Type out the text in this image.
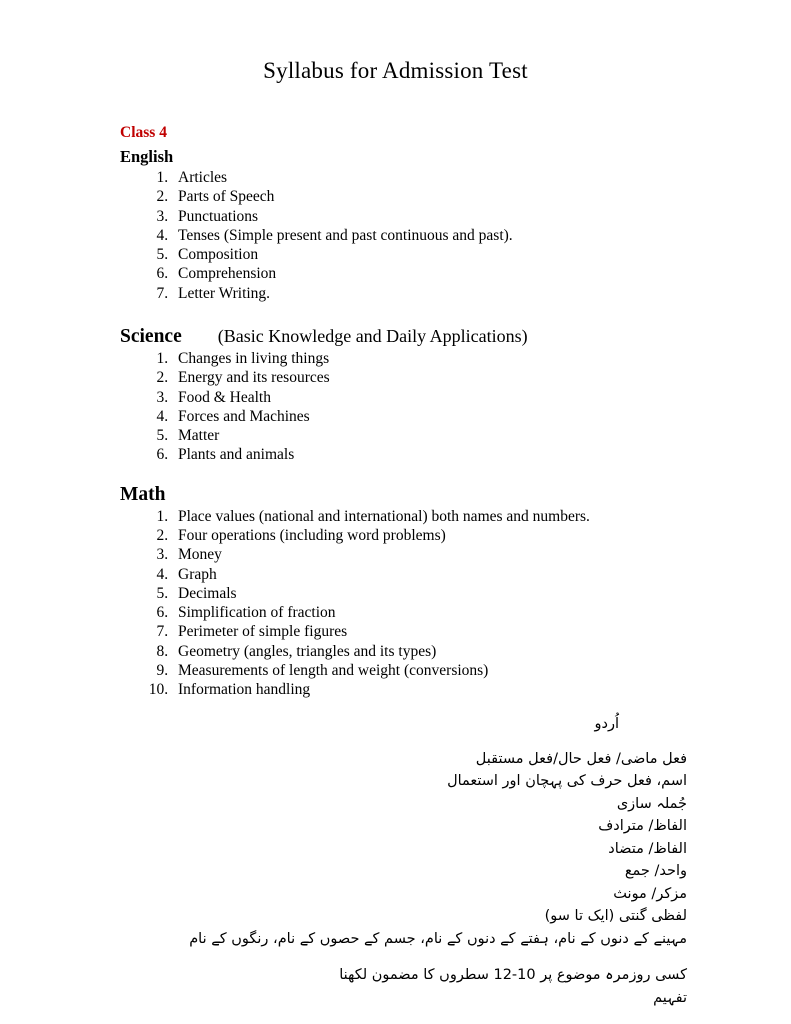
Syllabus for Admission Test
Class 4
English
1. Articles
2. Parts of Speech
3. Punctuations
4. Tenses (Simple present and past continuous and past).
5. Composition
6. Comprehension
7. Letter Writing.
Science (Basic Knowledge and Daily Applications)
1. Changes in living things
2. Energy and its resources
3. Food & Health
4. Forces and Machines
5. Matter
6. Plants and animals
Math
1. Place values (national and international) both names and numbers.
2. Four operations (including word problems)
3. Money
4. Graph
5. Decimals
6. Simplification of fraction
7. Perimeter of simple figures
8. Geometry (angles, triangles and its types)
9. Measurements of length and weight (conversions)
10. Information handling
اُردو
فعل ماضی/ فعل حال/فعل مستقبل
اسم، فعل حرف کی پہچان اور استعمال
جُملہ سازی
الفاظ/ مترادف
الفاظ/ متضاد
واحد/ جمع
مزکر/ مونث
لفظی گنتی (ایک تا سو)
مہینے کے دنوں کے نام، ہفتے کے دنوں کے نام، جسم کے حصوں کے نام، رنگوں کے نام
کسی روزمرہ موضوع پر 10-12 سطروں کا مضمون لکھنا
تفہیم
